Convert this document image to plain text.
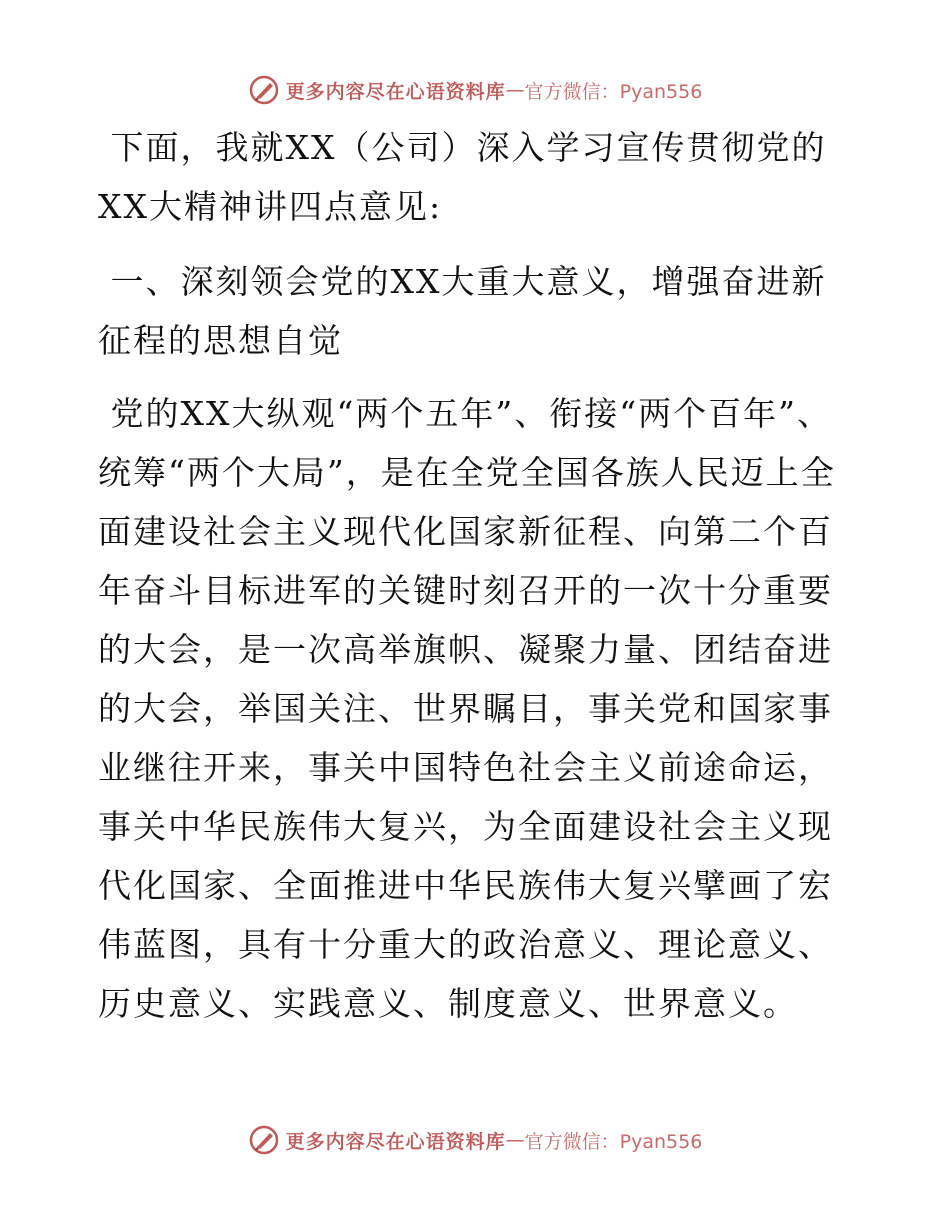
更多内容尽在心语资料库 — 官方微信：Pyan556
下面，我就XX（公司）深入学习宣传贯彻党的XX大精神讲四点意见:
一、深刻领会党的XX大重大意义，增强奋进新征程的思想自觉
党的XX大纵观“两个五年”、衔接“两个百年”、统筹“两个大局”，是在全党全国各族人民迈上全面建设社会主义现代化国家新征程、向第二个百年奋斗目标进军的关键时刻召开的一次十分重要的大会，是一次高举旗帜、凝聚力量、团结奋进的大会，举国关注、世界瞩目，事关党和国家事业继往开来，事关中国特色社会主义前途命运，事关中华民族伟大复兴，为全面建设社会主义现代化国家、全面推进中华民族伟大复兴擘画了宏伟蓝图，具有十分重大的政治意义、理论意义、历史意义、实践意义、制度意义、世界意义。
更多内容尽在心语资料库 — 官方微信：Pyan556
